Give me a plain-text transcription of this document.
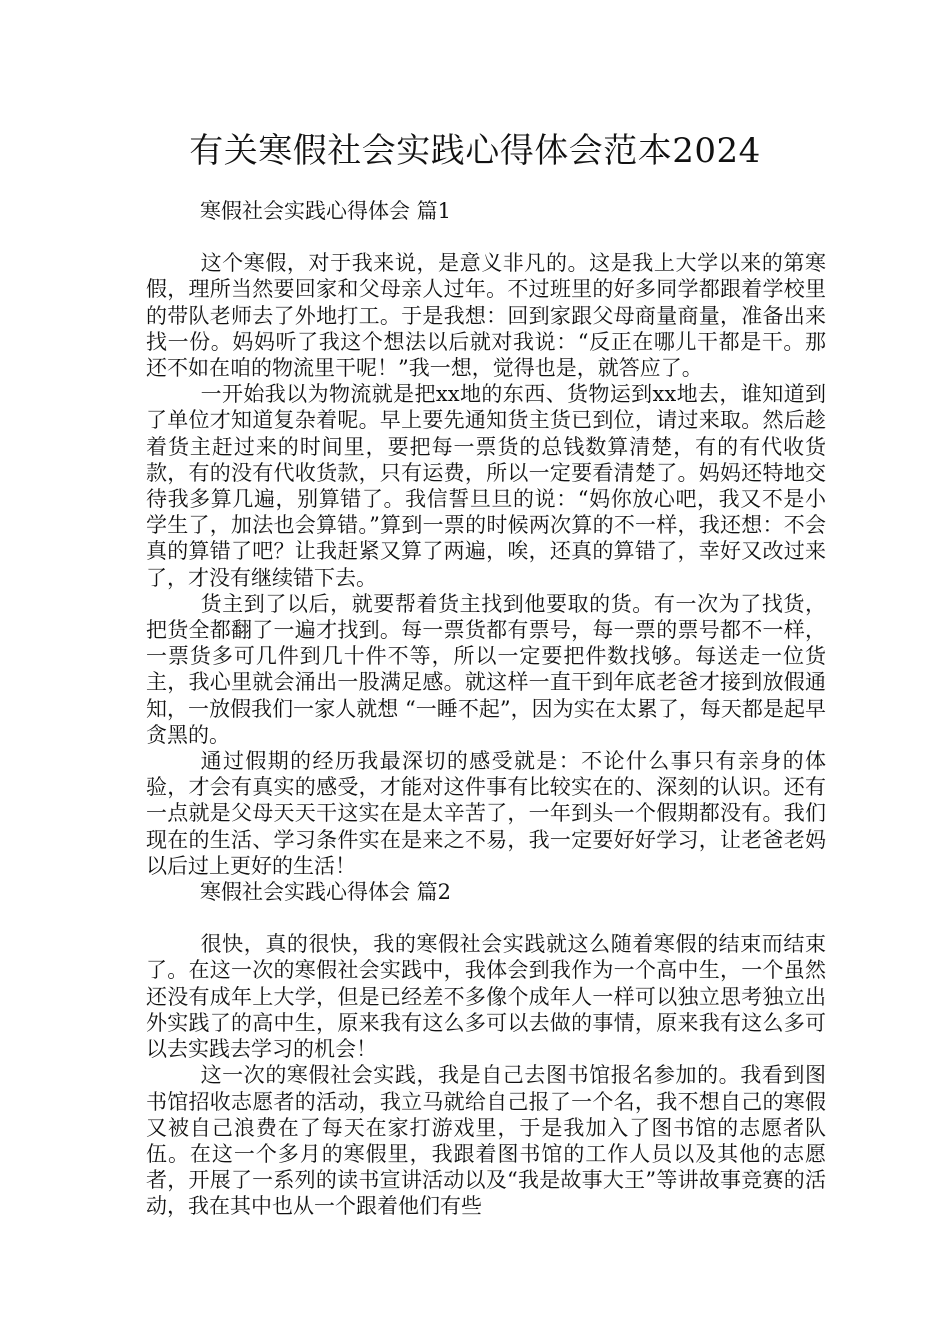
有关寒假社会实践心得体会范本2024
寒假社会实践心得体会 篇1

这个寒假，对于我来说，是意义非凡的。这是我上大学以来的第寒假，理所当然要回家和父母亲人过年。不过班里的好多同学都跟着学校里的带队老师去了外地打工。于是我想：回到家跟父母商量商量，准备出来找一份。妈妈听了我这个想法以后就对我说：“反正在哪儿干都是干。那还不如在咱的物流里干呢！”我一想，觉得也是，就答应了。

一开始我以为物流就是把xx地的东西、货物运到xx地去，谁知道到了单位才知道复杂着呢。早上要先通知货主货已到位，请过来取。然后趁着货主赶过来的时间里，要把每一票货的总钱数算清楚，有的有代收货款，有的没有代收货款，只有运费，所以一定要看清楚了。妈妈还特地交待我多算几遍，别算错了。我信誓旦旦的说：“妈你放心吧，我又不是小学生了，加法也会算错。”算到一票的时候两次算的不一样，我还想：不会真的算错了吧？让我赶紧又算了两遍，唉，还真的算错了，幸好又改过来了，才没有继续错下去。

货主到了以后，就要帮着货主找到他要取的货。有一次为了找货，把货全都翻了一遍才找到。每一票货都有票号，每一票的票号都不一样，一票货多可几件到几十件不等，所以一定要把件数找够。每送走一位货主，我心里就会涌出一股满足感。就这样一直干到年底老爸才接到放假通知，一放假我们一家人就想 “一睡不起”，因为实在太累了，每天都是起早贪黑的。

通过假期的经历我最深切的感受就是：不论什么事只有亲身的体验，才会有真实的感受，才能对这件事有比较实在的、深刻的认识。还有一点就是父母天天干这实在是太辛苦了，一年到头一个假期都没有。我们现在的生活、学习条件实在是来之不易，我一定要好好学习，让老爸老妈以后过上更好的生活！

寒假社会实践心得体会 篇2

很快，真的很快，我的寒假社会实践就这么随着寒假的结束而结束了。在这一次的寒假社会实践中，我体会到我作为一个高中生，一个虽然还没有成年上大学，但是已经差不多像个成年人一样可以独立思考独立出外实践了的高中生，原来我有这么多可以去做的事情，原来我有这么多可以去实践去学习的机会！

这一次的寒假社会实践，我是自己去图书馆报名参加的。我看到图书馆招收志愿者的活动，我立马就给自己报了一个名，我不想自己的寒假又被自己浪费在了每天在家打游戏里，于是我加入了图书馆的志愿者队伍。在这一个多月的寒假里，我跟着图书馆的工作人员以及其他的志愿者，开展了一系列的读书宣讲活动以及“我是故事大王”等讲故事竞赛的活动，我在其中也从一个跟着他们有些
